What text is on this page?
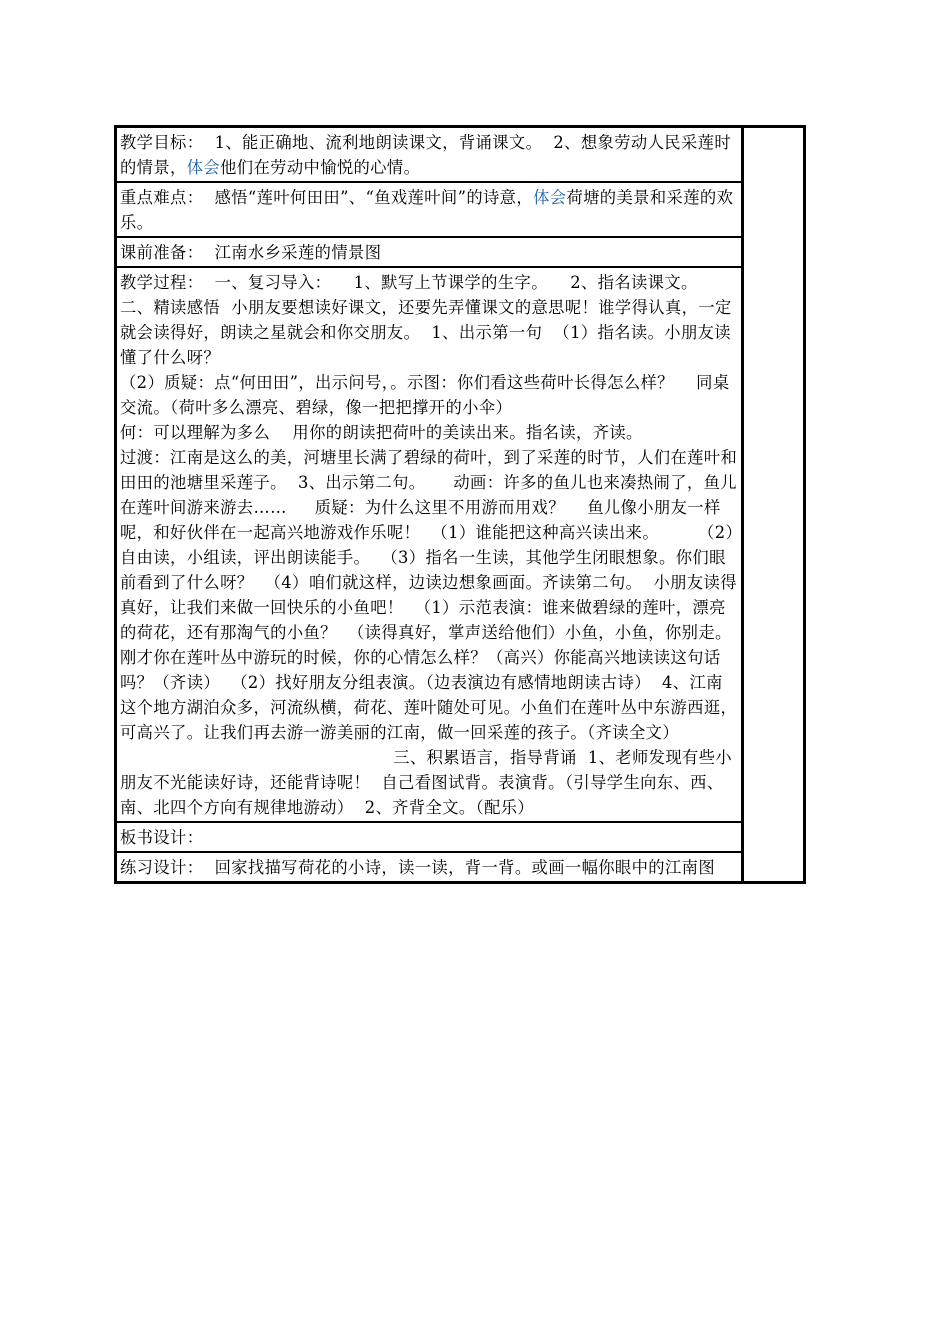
教学目标：  1、能正确地、流利地朗读课文，背诵课文。  2、想象劳动人民采莲时的情景，体会他们在劳动中愉悦的心情。

重点难点：  感悟“莲叶何田田”、“鱼戏莲叶间”的诗意，体会荷塘的美景和采莲的欢乐。

课前准备：  江南水乡采莲的情景图

教学过程：  一、复习导入：    1、默写上节课学的生字。    2、指名读课文。  二、精读感悟  小朋友要想读好课文，还要先弄懂课文的意思呢！谁学得认真，一定就会读得好，朗读之星就会和你交朋友。  1、出示第一句  （1）指名读。小朋友读懂了什么呀？
（2）质疑：点“何田田”，出示问号，。示图：你们看这些荷叶长得怎么样？    同桌交流。（荷叶多么漂亮、碧绿，像一把把撑开的小伞）
何：可以理解为多么    用你的朗读把荷叶的美读出来。指名读，齐读。
过渡：江南是这么的美，河塘里长满了碧绿的荷叶，到了采莲的时节，人们在莲叶和田田的池塘里采莲子。  3、出示第二句。     动画：许多的鱼儿也来凑热闹了，鱼儿在莲叶间游来游去……     质疑：为什么这里不用游而用戏？    鱼儿像小朋友一样呢，和好伙伴在一起高兴地游戏作乐呢！  （1）谁能把这种高兴读出来。       （2）自由读，小组读，评出朗读能手。  （3）指名一生读，其他学生闭眼想象。你们眼前看到了什么呀？  （4）咱们就这样，边读边想象画面。齐读第二句。  小朋友读得真好，让我们来做一回快乐的小鱼吧！  （1）示范表演：谁来做碧绿的莲叶，漂亮的荷花，还有那淘气的小鱼？  （读得真好，掌声送给他们）小鱼，小鱼，你别走。刚才你在莲叶丛中游玩的时候，你的心情怎么样？（高兴）你能高兴地读读这句话吗？（齐读）  （2）找好朋友分组表演。（边表演边有感情地朗读古诗）  4、江南这个地方湖泊众多，河流纵横，荷花、莲叶随处可见。小鱼们在莲叶丛中东游西逛，可高兴了。让我们再去游一游美丽的江南，做一回采莲的孩子。（齐读全文）
三、积累语言，指导背诵  1、老师发现有些小朋友不光能读好诗，还能背诗呢！  自己看图试背。表演背。（引导学生向东、西、南、北四个方向有规律地游动）  2、齐背全文。（配乐）

板书设计：

练习设计：  回家找描写荷花的小诗，读一读，背一背。或画一幅你眼中的江南图
